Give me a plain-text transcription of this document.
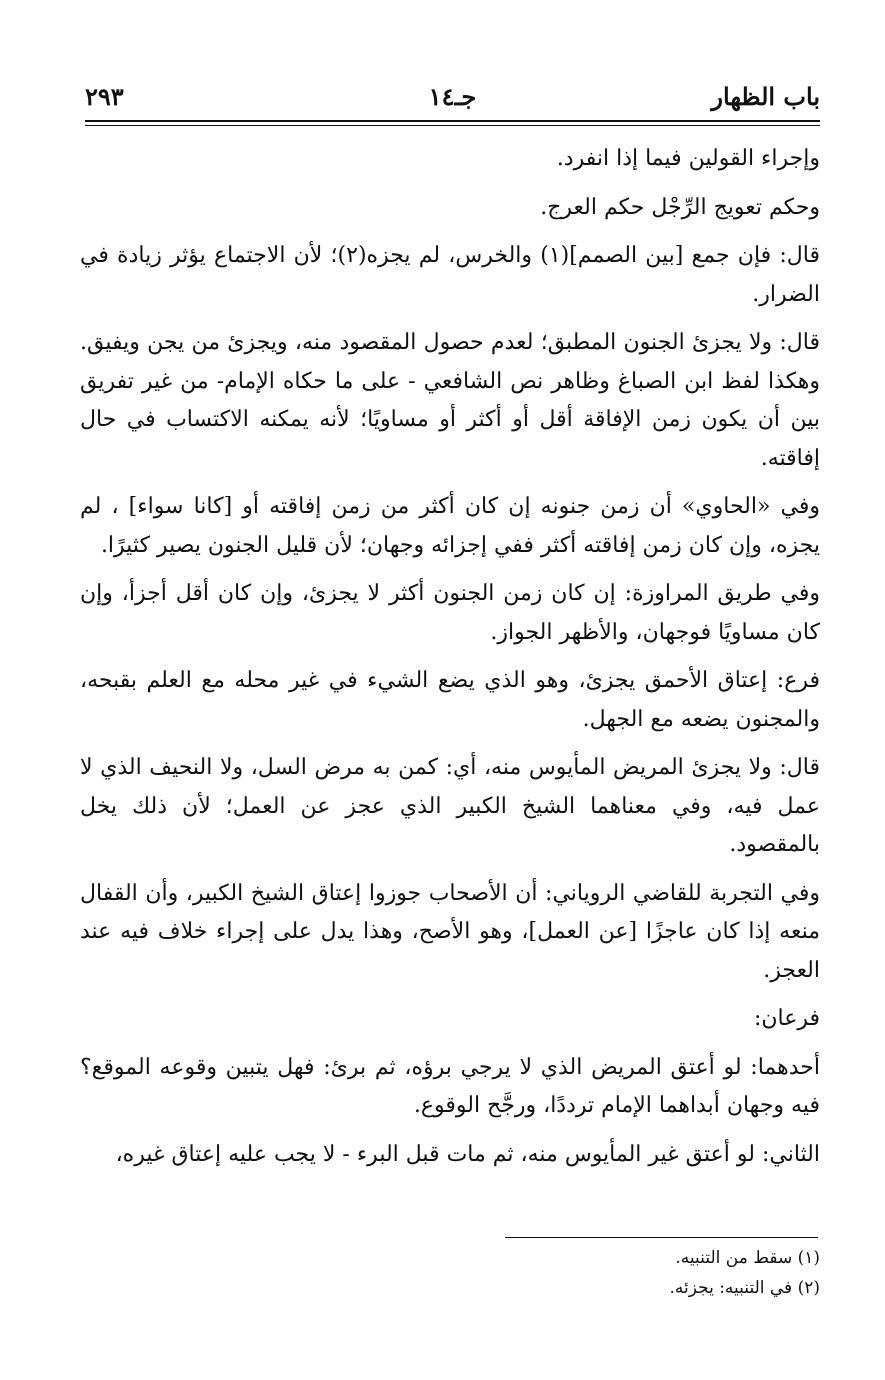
باب الظهار
جـ١٤
٢٩٣

وإجراء القولين فيما إذا انفرد.

وحكم تعويج الرِّجْل حكم العرج.

قال: فإن جمع [بين الصمم](١) والخرس، لم يجزه(٢)؛ لأن الاجتماع يؤثر زيادة في الضرار.

قال: ولا يجزئ الجنون المطبق؛ لعدم حصول المقصود منه، ويجزئ من يجن ويفيق. وهكذا لفظ ابن الصباغ وظاهر نص الشافعي - على ما حكاه الإمام- من غير تفريق بين أن يكون زمن الإفاقة أقل أو أكثر أو مساويًا؛ لأنه يمكنه الاكتساب في حال إفاقته.

وفي «الحاوي» أن زمن جنونه إن كان أكثر من زمن إفاقته أو [كانا سواء] ، لم يجزه، وإن كان زمن إفاقته أكثر ففي إجزائه وجهان؛ لأن قليل الجنون يصير كثيرًا.

وفي طريق المراوزة: إن كان زمن الجنون أكثر لا يجزئ، وإن كان أقل أجزأ، وإن كان مساويًا فوجهان، والأظهر الجواز.

فرع: إعتاق الأحمق يجزئ، وهو الذي يضع الشيء في غير محله مع العلم بقبحه، والمجنون يضعه مع الجهل.

قال: ولا يجزئ المريض المأيوس منه، أي: كمن به مرض السل، ولا النحيف الذي لا عمل فيه، وفي معناهما الشيخ الكبير الذي عجز عن العمل؛ لأن ذلك يخل بالمقصود.

وفي التجربة للقاضي الروياني: أن الأصحاب جوزوا إعتاق الشيخ الكبير، وأن القفال منعه إذا كان عاجزًا [عن العمل]، وهو الأصح، وهذا يدل على إجراء خلاف فيه عند العجز.

فرعان:

أحدهما: لو أعتق المريض الذي لا يرجي برؤه، ثم برئ: فهل يتبين وقوعه الموقع؟ فيه وجهان أبداهما الإمام ترددًا، ورجَّح الوقوع.

الثاني: لو أعتق غير المأيوس منه، ثم مات قبل البرء - لا يجب عليه إعتاق غيره،

(١) سقط من التنبيه.
(٢) في التنبيه: يجزئه.
